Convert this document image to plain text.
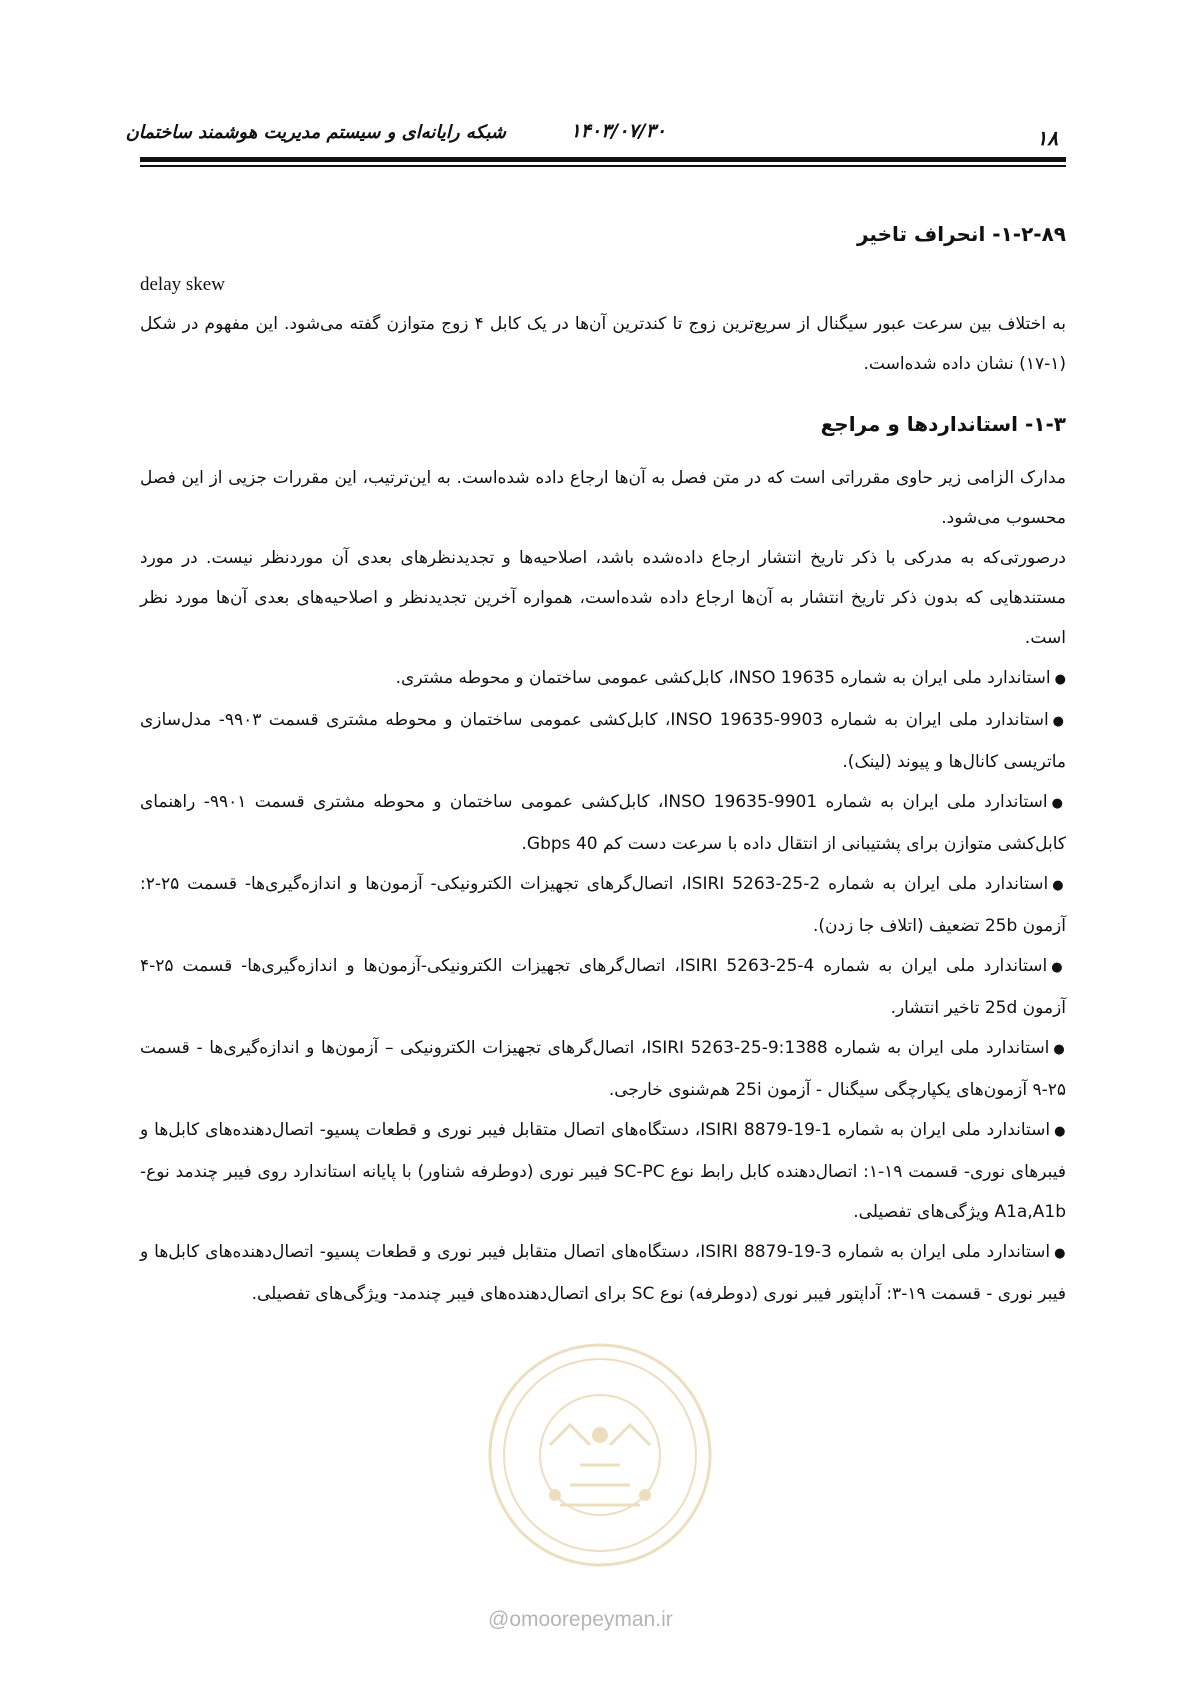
۱۸
۱۴۰۳/۰۷/۳۰
شبکه رایانه‌ای و سیستم مدیریت هوشمند ساختمان
۱-۲-۸۹- انحراف تاخیر
delay skew

به اختلاف بین سرعت عبور سیگنال از سریع‌ترین زوج تا کندترین آن‌ها در یک کابل ۴ زوج متوازن گفته می‌شود. این مفهوم در شکل (۱-۱۷) نشان داده شده‌است.

۱-۳- استانداردها و مراجع

مدارک الزامی زیر حاوی مقرراتی است که در متن فصل به آن‌ها ارجاع داده شده‌است. به این‌ترتیب، این مقررات جزیی از این فصل محسوب می‌شود.

درصورتی‌که به مدرکی با ذکر تاریخ انتشار ارجاع داده‌شده باشد، اصلاحیه‌ها و تجدیدنظرهای بعدی آن موردنظر نیست. در مورد مستندهایی که بدون ذکر تاریخ انتشار به آن‌ها ارجاع داده شده‌است، همواره آخرین تجدیدنظر و اصلاحیه‌های بعدی آن‌ها مورد نظر است.

●استاندارد ملی ایران به شماره INSO 19635، کابل‌کشی عمومی ساختمان و محوطه مشتری.
●استاندارد ملی ایران به شماره INSO 19635-9903، کابل‌کشی عمومی ساختمان و محوطه مشتری قسمت ۹۹۰۳- مدل‌سازی ماتریسی کانال‌ها و پیوند (لینک).
●استاندارد ملی ایران به شماره INSO 19635-9901، کابل‌کشی عمومی ساختمان و محوطه مشتری قسمت ۹۹۰۱- راهنمای کابل‌کشی متوازن برای پشتیبانی از انتقال داده با سرعت دست کم 40 Gbps.
●استاندارد ملی ایران به شماره ISIRI 5263-25-2، اتصال‌گرهای تجهیزات الکترونیکی- آزمون‌ها و اندازه‌گیری‌ها- قسمت ۲۵-۲: آزمون 25b تضعیف (اتلاف جا زدن).
●استاندارد ملی ایران به شماره ISIRI 5263-25-4، اتصال‌گرهای تجهیزات الکترونیکی-آزمون‌ها و اندازه‌گیری‌ها- قسمت ۲۵-۴ آزمون 25d تاخیر انتشار.
●استاندارد ملی ایران به شماره ISIRI 5263-25-9:1388، اتصال‌گرهای تجهیزات الکترونیکی – آزمون‌ها و اندازه‌گیری‌ها - قسمت ۲۵-۹ آزمون‌های یکپارچگی سیگنال - آزمون 25i هم‌شنوی خارجی.
●استاندارد ملی ایران به شماره ISIRI 8879-19-1، دستگاه‌های اتصال متقابل فیبر نوری و قطعات پسیو- اتصال‌دهنده‌های کابل‌ها و فیبرهای نوری- قسمت ۱۹-۱: اتصال‌دهنده کابل رابط نوع SC-PC فیبر نوری (دوطرفه شناور) با پایانه استاندارد روی فیبر چندمد نوع-A1a,A1b ویژگی‌های تفصیلی.
●استاندارد ملی ایران به شماره ISIRI 8879-19-3، دستگاه‌های اتصال متقابل فیبر نوری و قطعات پسیو- اتصال‌دهنده‌های کابل‌ها و فیبر نوری - قسمت ۱۹-۳: آداپتور فیبر نوری (دوطرفه) نوع SC برای اتصال‌دهنده‌های فیبر چندمد- ویژگی‌های تفصیلی.
@omoorepeyman.ir
